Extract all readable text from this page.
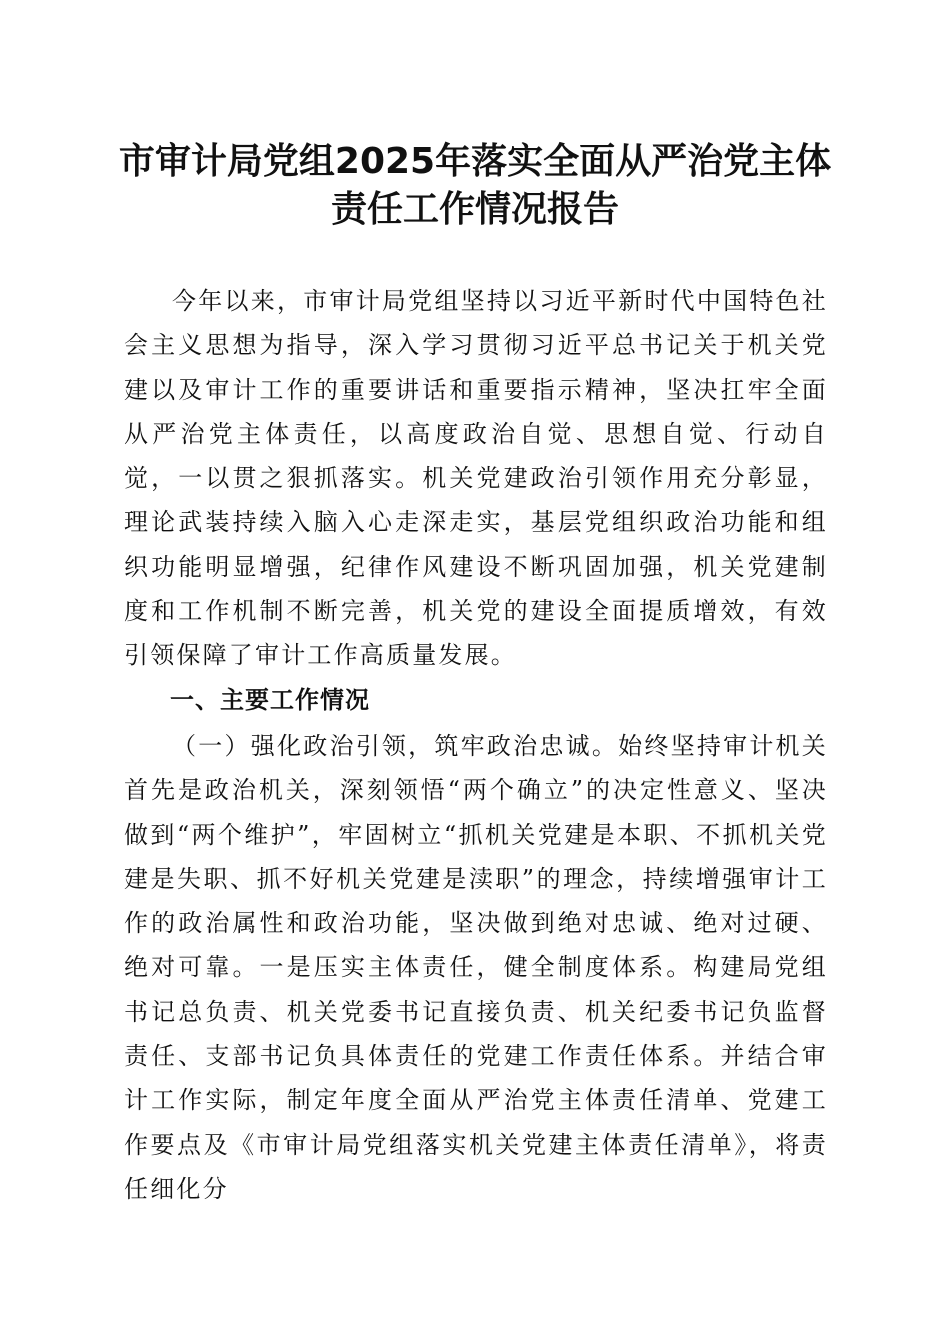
市审计局党组2025年落实全面从严治党主体
责任工作情况报告

今年以来，市审计局党组坚持以习近平新时代中国特色社会主义思想为指导，深入学习贯彻习近平总书记关于机关党建以及审计工作的重要讲话和重要指示精神，坚决扛牢全面从严治党主体责任，以高度政治自觉、思想自觉、行动自觉，一以贯之狠抓落实。机关党建政治引领作用充分彰显，理论武装持续入脑入心走深走实，基层党组织政治功能和组织功能明显增强，纪律作风建设不断巩固加强，机关党建制度和工作机制不断完善，机关党的建设全面提质增效，有效引领保障了审计工作高质量发展。

一、主要工作情况

（一）强化政治引领，筑牢政治忠诚。始终坚持审计机关首先是政治机关，深刻领悟“两个确立”的决定性意义、坚决做到“两个维护”，牢固树立“抓机关党建是本职、不抓机关党建是失职、抓不好机关党建是渎职”的理念，持续增强审计工作的政治属性和政治功能，坚决做到绝对忠诚、绝对过硬、绝对可靠。一是压实主体责任，健全制度体系。构建局党组书记总负责、机关党委书记直接负责、机关纪委书记负监督责任、支部书记负具体责任的党建工作责任体系。并结合审计工作实际，制定年度全面从严治党主体责任清单、党建工作要点及《市审计局党组落实机关党建主体责任清单》，将责任细化分
